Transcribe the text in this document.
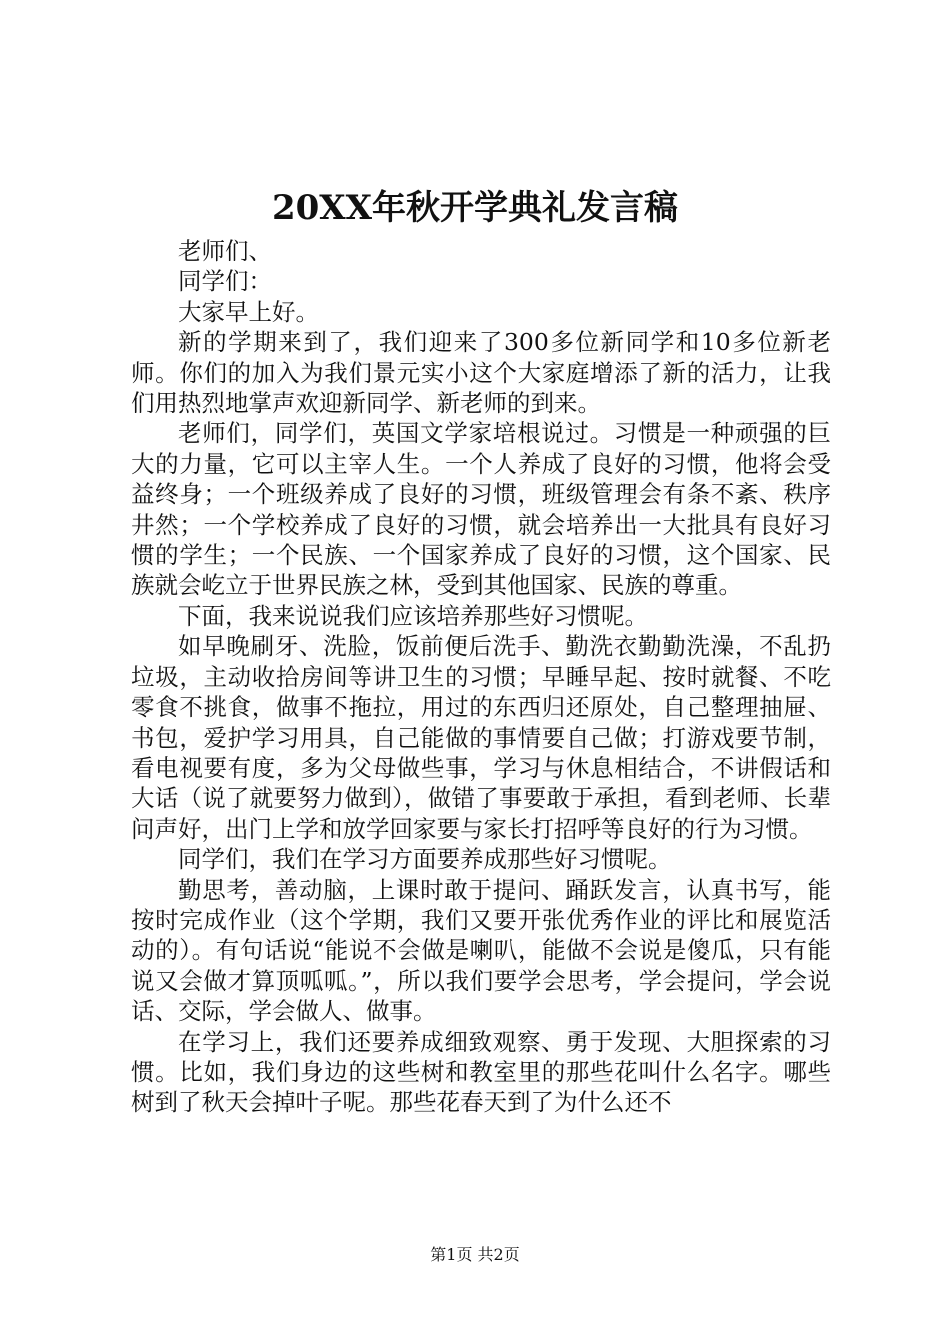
20XX年秋开学典礼发言稿

老师们、

同学们：

大家早上好。

新的学期来到了，我们迎来了300多位新同学和10多位新老师。你们的加入为我们景元实小这个大家庭增添了新的活力，让我们用热烈地掌声欢迎新同学、新老师的到来。

老师们，同学们，英国文学家培根说过。习惯是一种顽强的巨大的力量，它可以主宰人生。一个人养成了良好的习惯，他将会受益终身；一个班级养成了良好的习惯，班级管理会有条不紊、秩序井然；一个学校养成了良好的习惯，就会培养出一大批具有良好习惯的学生；一个民族、一个国家养成了良好的习惯，这个国家、民族就会屹立于世界民族之林，受到其他国家、民族的尊重。

下面，我来说说我们应该培养那些好习惯呢。

如早晚刷牙、洗脸，饭前便后洗手、勤洗衣勤勤洗澡，不乱扔垃圾，主动收拾房间等讲卫生的习惯；早睡早起、按时就餐、不吃零食不挑食，做事不拖拉，用过的东西归还原处，自己整理抽屉、书包，爱护学习用具，自己能做的事情要自己做；打游戏要节制，看电视要有度，多为父母做些事，学习与休息相结合，不讲假话和大话（说了就要努力做到），做错了事要敢于承担，看到老师、长辈问声好，出门上学和放学回家要与家长打招呼等良好的行为习惯。

同学们，我们在学习方面要养成那些好习惯呢。

勤思考，善动脑，上课时敢于提问、踊跃发言，认真书写，能按时完成作业（这个学期，我们又要开张优秀作业的评比和展览活动的）。有句话说“能说不会做是喇叭，能做不会说是傻瓜，只有能说又会做才算顶呱呱。”，所以我们要学会思考，学会提问，学会说话、交际，学会做人、做事。

在学习上，我们还要养成细致观察、勇于发现、大胆探索的习惯。比如，我们身边的这些树和教室里的那些花叫什么名字。哪些树到了秋天会掉叶子呢。那些花春天到了为什么还不

第1页 共2页
